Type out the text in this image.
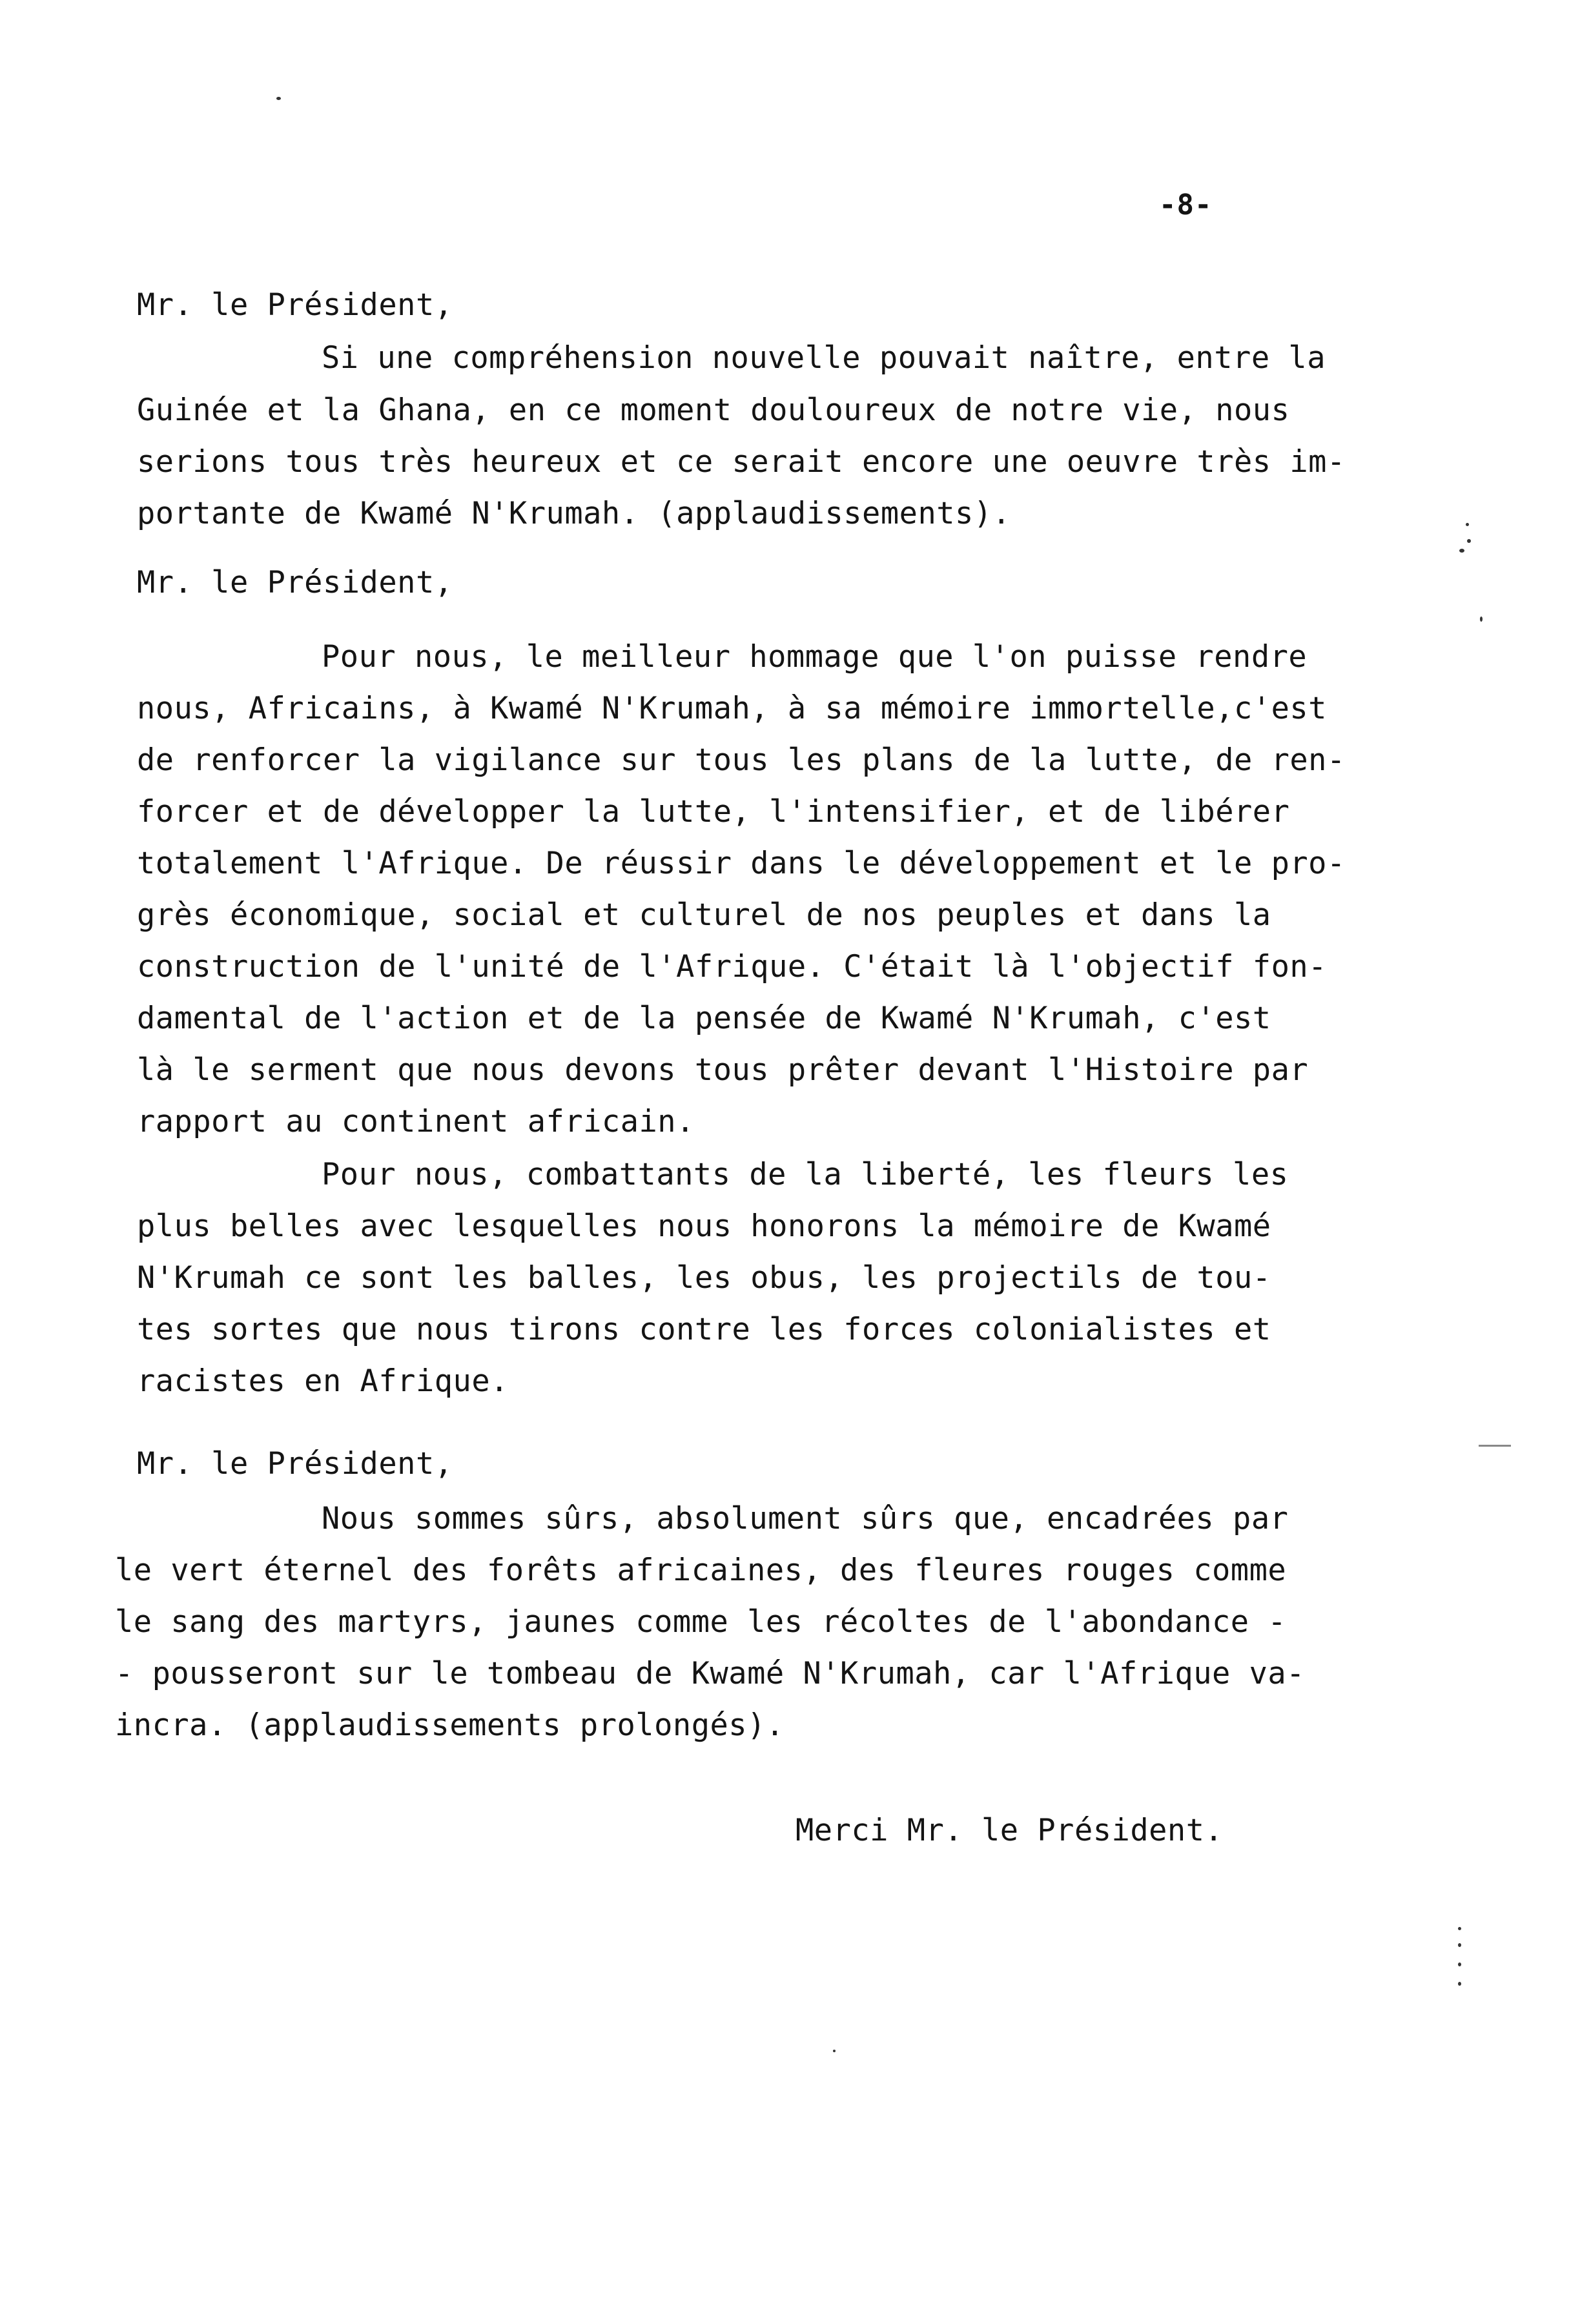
-8-
Mr. le Président,
Si une compréhension nouvelle pouvait naître, entre la
Guinée et la Ghana, en ce moment douloureux de notre vie, nous
serions tous très heureux et ce serait encore une oeuvre très im-
portante de Kwamé N'Krumah. (applaudissements).
Mr. le Président,
Pour nous, le meilleur hommage que l'on puisse rendre
nous, Africains, à Kwamé N'Krumah, à sa mémoire immortelle,c'est
de renforcer la vigilance sur tous les plans de la lutte, de ren-
forcer et de développer la lutte, l'intensifier, et de libérer
totalement l'Afrique. De réussir dans le développement et le pro-
grès économique, social et culturel de nos peuples et dans la
construction de l'unité de l'Afrique. C'était là l'objectif fon-
damental de l'action et de la pensée de Kwamé N'Krumah, c'est
là le serment que nous devons tous prêter devant l'Histoire par
rapport au continent africain.
Pour nous, combattants de la liberté, les fleurs les
plus belles avec lesquelles nous honorons la mémoire de Kwamé
N'Krumah ce sont les balles, les obus, les projectils de tou-
tes sortes que nous tirons contre les forces colonialistes et
racistes en Afrique.
Mr. le Président,
Nous sommes sûrs, absolument sûrs que, encadrées par
le vert éternel des forêts africaines, des fleures rouges comme
le sang des martyrs, jaunes comme les récoltes de l'abondance -
- pousseront sur le tombeau de Kwamé N'Krumah, car l'Afrique va-
incra. (applaudissements prolongés).
Merci Mr. le Président.
